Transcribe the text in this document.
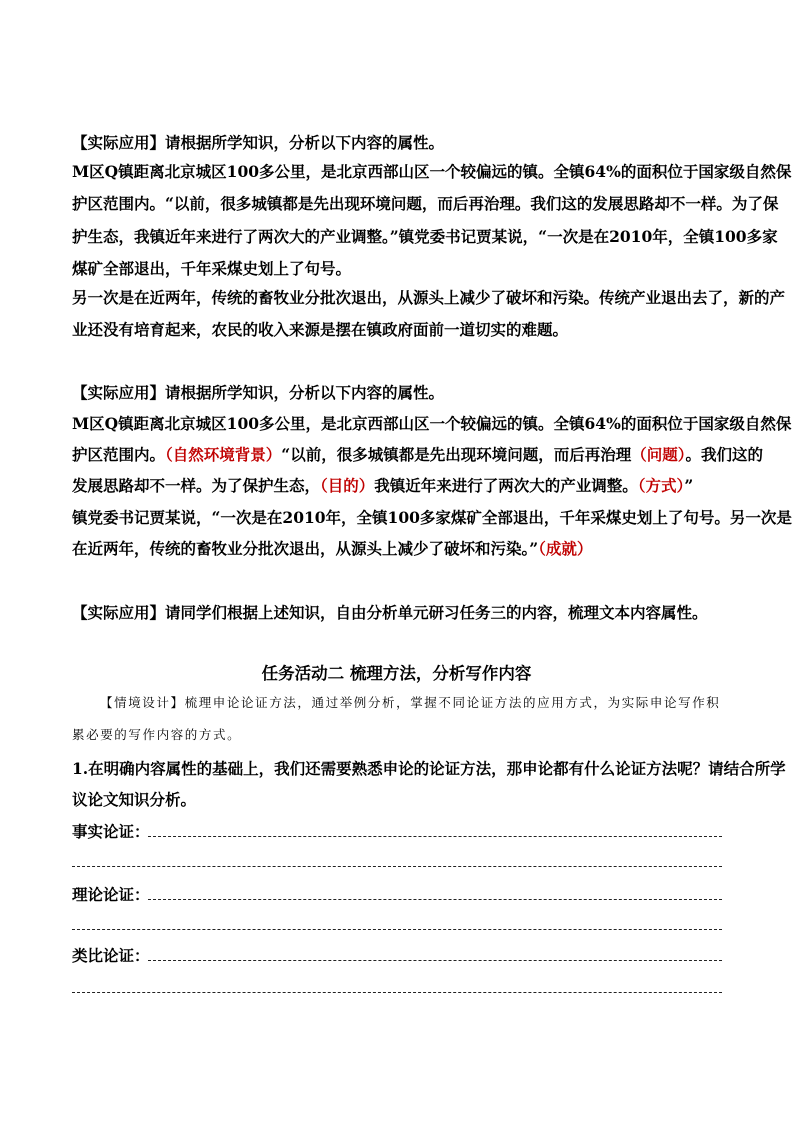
【实际应用】请根据所学知识，分析以下内容的属性。
M区Q镇距离北京城区100多公里，是北京西部山区一个较偏远的镇。全镇64%的面积位于国家级自然保
护区范围内。“以前，很多城镇都是先出现环境问题，而后再治理。我们这的发展思路却不一样。为了保
护生态，我镇近年来进行了两次大的产业调整。”镇党委书记贾某说，“一次是在2010年，全镇100多家
煤矿全部退出，千年采煤史划上了句号。
另一次是在近两年，传统的畜牧业分批次退出，从源头上减少了破坏和污染。传统产业退出去了，新的产
业还没有培育起来，农民的收入来源是摆在镇政府面前一道切实的难题。
【实际应用】请根据所学知识，分析以下内容的属性。
M区Q镇距离北京城区100多公里，是北京西部山区一个较偏远的镇。全镇64%的面积位于国家级自然保
护区范围内。（自然环境背景）“以前，很多城镇都是先出现环境问题，而后再治理（问题）。我们这的
发展思路却不一样。为了保护生态，（目的）我镇近年来进行了两次大的产业调整。（方式）”
镇党委书记贾某说，“一次是在2010年，全镇100多家煤矿全部退出，千年采煤史划上了句号。另一次是
在近两年，传统的畜牧业分批次退出，从源头上减少了破坏和污染。”（成就）
【实际应用】请同学们根据上述知识，自由分析单元研习任务三的内容，梳理文本内容属性。
任务活动二 梳理方法，分析写作内容
【情境设计】梳理申论论证方法，通过举例分析，掌握不同论证方法的应用方式，为实际申论写作积
累必要的写作内容的方式。
1.在明确内容属性的基础上，我们还需要熟悉申论的论证方法，那申论都有什么论证方法呢？请结合所学
议论文知识分析。
事实论证：
理论论证：
类比论证：
